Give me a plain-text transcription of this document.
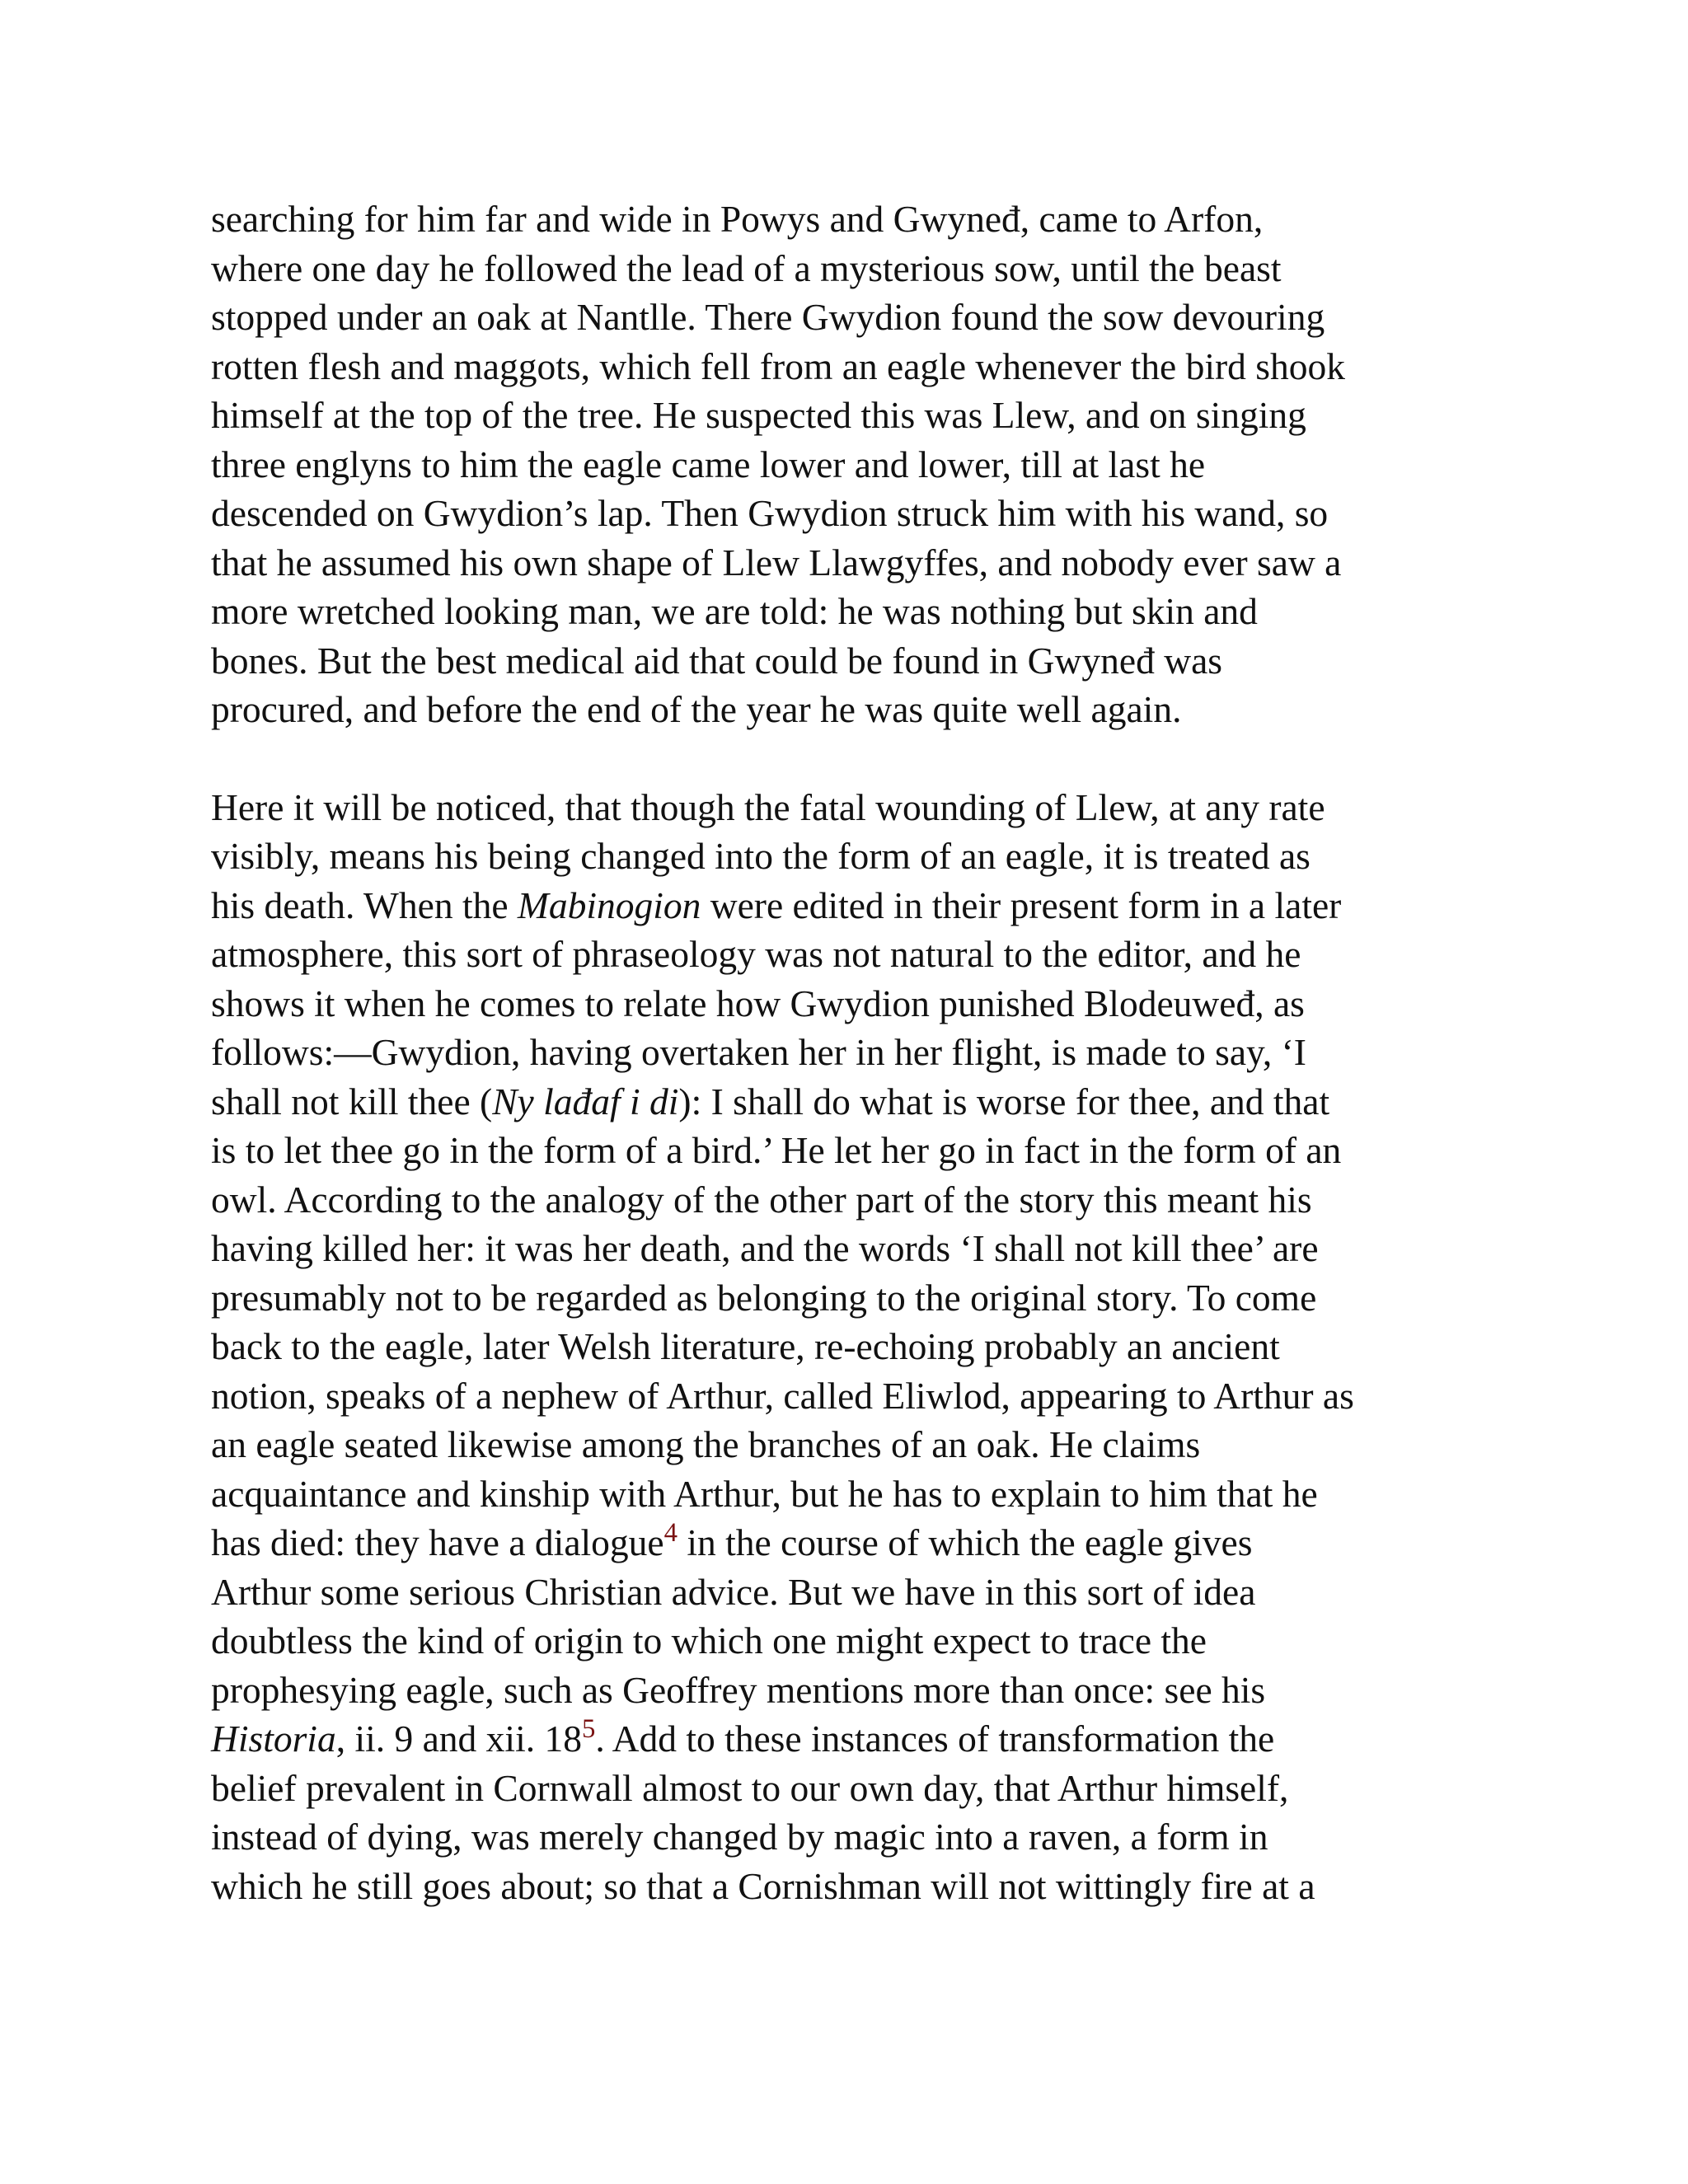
searching for him far and wide in Powys and Gwyneđ, came to Arfon,
where one day he followed the lead of a mysterious sow, until the beast
stopped under an oak at Nantlle. There Gwydion found the sow devouring
rotten flesh and maggots, which fell from an eagle whenever the bird shook
himself at the top of the tree. He suspected this was Llew, and on singing
three englyns to him the eagle came lower and lower, till at last he
descended on Gwydion’s lap. Then Gwydion struck him with his wand, so
that he assumed his own shape of Llew Llawgyffes, and nobody ever saw a
more wretched looking man, we are told: he was nothing but skin and
bones. But the best medical aid that could be found in Gwyneđ was
procured, and before the end of the year he was quite well again.

Here it will be noticed, that though the fatal wounding of Llew, at any rate
visibly, means his being changed into the form of an eagle, it is treated as
his death. When the Mabinogion were edited in their present form in a later
atmosphere, this sort of phraseology was not natural to the editor, and he
shows it when he comes to relate how Gwydion punished Blodeuweđ, as
follows:—Gwydion, having overtaken her in her flight, is made to say, ‘I
shall not kill thee (Ny lađaf i di): I shall do what is worse for thee, and that
is to let thee go in the form of a bird.’ He let her go in fact in the form of an
owl. According to the analogy of the other part of the story this meant his
having killed her: it was her death, and the words ‘I shall not kill thee’ are
presumably not to be regarded as belonging to the original story. To come
back to the eagle, later Welsh literature, re-echoing probably an ancient
notion, speaks of a nephew of Arthur, called Eliwlod, appearing to Arthur as
an eagle seated likewise among the branches of an oak. He claims
acquaintance and kinship with Arthur, but he has to explain to him that he
has died: they have a dialogue$^4$ in the course of which the eagle gives
Arthur some serious Christian advice. But we have in this sort of idea
doubtless the kind of origin to which one might expect to trace the
prophesying eagle, such as Geoffrey mentions more than once: see his
Historia, ii. 9 and xii. 18$^5$. Add to these instances of transformation the
belief prevalent in Cornwall almost to our own day, that Arthur himself,
instead of dying, was merely changed by magic into a raven, a form in
which he still goes about; so that a Cornishman will not wittingly fire at a
